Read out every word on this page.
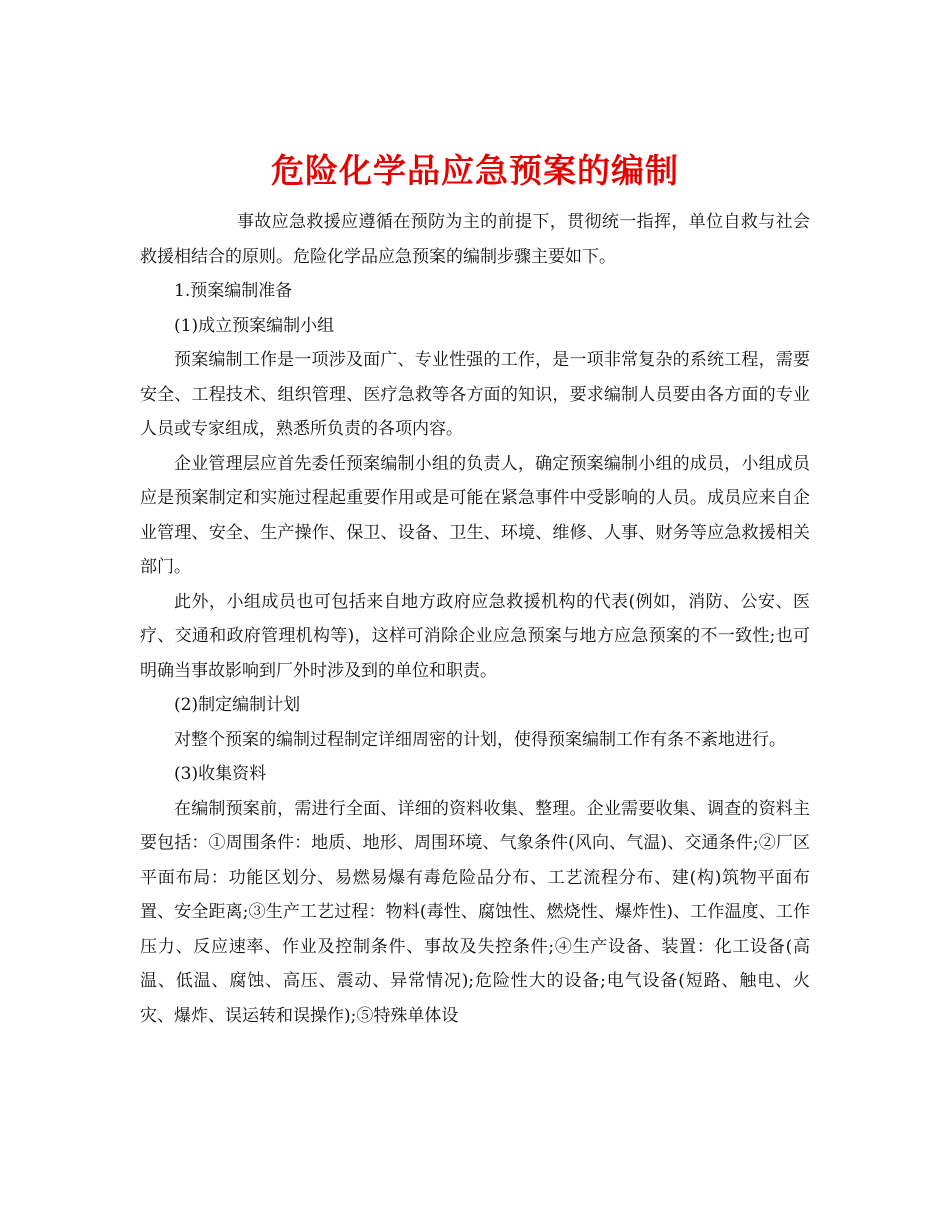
危险化学品应急预案的编制

事故应急救援应遵循在预防为主的前提下，贯彻统一指挥，单位自救与社会救援相结合的原则。危险化学品应急预案的编制步骤主要如下。

1.预案编制准备

(1)成立预案编制小组

预案编制工作是一项涉及面广、专业性强的工作，是一项非常复杂的系统工程，需要安全、工程技术、组织管理、医疗急救等各方面的知识，要求编制人员要由各方面的专业人员或专家组成，熟悉所负责的各项内容。

企业管理层应首先委任预案编制小组的负责人，确定预案编制小组的成员，小组成员应是预案制定和实施过程起重要作用或是可能在紧急事件中受影响的人员。成员应来自企业管理、安全、生产操作、保卫、设备、卫生、环境、维修、人事、财务等应急救援相关部门。

此外，小组成员也可包括来自地方政府应急救援机构的代表(例如，消防、公安、医疗、交通和政府管理机构等)，这样可消除企业应急预案与地方应急预案的不一致性;也可明确当事故影响到厂外时涉及到的单位和职责。

(2)制定编制计划

对整个预案的编制过程制定详细周密的计划，使得预案编制工作有条不紊地进行。

(3)收集资料

在编制预案前，需进行全面、详细的资料收集、整理。企业需要收集、调查的资料主要包括：①周围条件：地质、地形、周围环境、气象条件(风向、气温)、交通条件;②厂区平面布局：功能区划分、易燃易爆有毒危险品分布、工艺流程分布、建(构)筑物平面布置、安全距离;③生产工艺过程：物料(毒性、腐蚀性、燃烧性、爆炸性)、工作温度、工作压力、反应速率、作业及控制条件、事故及失控条件;④生产设备、装置：化工设备(高温、低温、腐蚀、高压、震动、异常情况);危险性大的设备;电气设备(短路、触电、火灾、爆炸、误运转和误操作);⑤特殊单体设
